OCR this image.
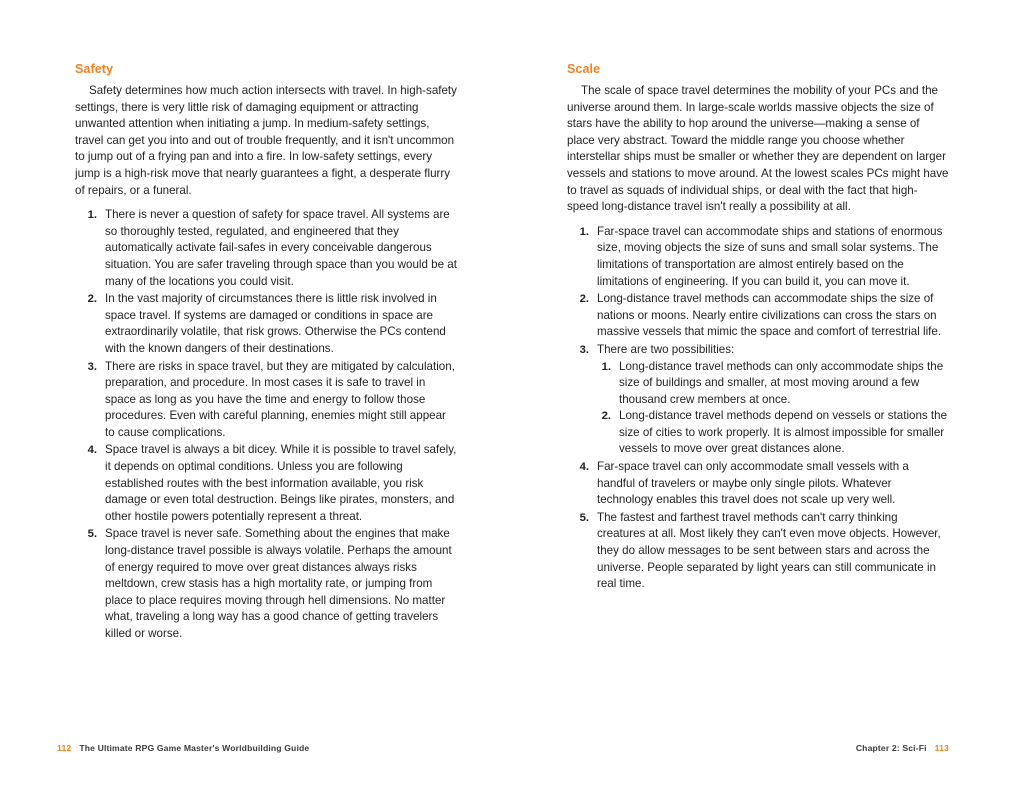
Safety

Safety determines how much action intersects with travel. In high-safety settings, there is very little risk of damaging equipment or attracting unwanted attention when initiating a jump. In medium-safety settings, travel can get you into and out of trouble frequently, and it isn't uncommon to jump out of a frying pan and into a fire. In low-safety settings, every jump is a high-risk move that nearly guarantees a fight, a desperate flurry of repairs, or a funeral.

1. There is never a question of safety for space travel. All systems are so thoroughly tested, regulated, and engineered that they automatically activate fail-safes in every conceivable dangerous situation. You are safer traveling through space than you would be at many of the locations you could visit.
2. In the vast majority of circumstances there is little risk involved in space travel. If systems are damaged or conditions in space are extraordinarily volatile, that risk grows. Otherwise the PCs contend with the known dangers of their destinations.
3. There are risks in space travel, but they are mitigated by calculation, preparation, and procedure. In most cases it is safe to travel in space as long as you have the time and energy to follow those procedures. Even with careful planning, enemies might still appear to cause complications.
4. Space travel is always a bit dicey. While it is possible to travel safely, it depends on optimal conditions. Unless you are following established routes with the best information available, you risk damage or even total destruction. Beings like pirates, monsters, and other hostile powers potentially represent a threat.
5. Space travel is never safe. Something about the engines that make long-distance travel possible is always volatile. Perhaps the amount of energy required to move over great distances always risks meltdown, crew stasis has a high mortality rate, or jumping from place to place requires moving through hell dimensions. No matter what, traveling a long way has a good chance of getting travelers killed or worse.
112 The Ultimate RPG Game Master's Worldbuilding Guide
Scale

The scale of space travel determines the mobility of your PCs and the universe around them. In large-scale worlds massive objects the size of stars have the ability to hop around the universe—making a sense of place very abstract. Toward the middle range you choose whether interstellar ships must be smaller or whether they are dependent on larger vessels and stations to move around. At the lowest scales PCs might have to travel as squads of individual ships, or deal with the fact that high-speed long-distance travel isn't really a possibility at all.

1. Far-space travel can accommodate ships and stations of enormous size, moving objects the size of suns and small solar systems. The limitations of transportation are almost entirely based on the limitations of engineering. If you can build it, you can move it.
2. Long-distance travel methods can accommodate ships the size of nations or moons. Nearly entire civilizations can cross the stars on massive vessels that mimic the space and comfort of terrestrial life.
3. There are two possibilities:
1. Long-distance travel methods can only accommodate ships the size of buildings and smaller, at most moving around a few thousand crew members at once.
2. Long-distance travel methods depend on vessels or stations the size of cities to work properly. It is almost impossible for smaller vessels to move over great distances alone.
4. Far-space travel can only accommodate small vessels with a handful of travelers or maybe only single pilots. Whatever technology enables this travel does not scale up very well.
5. The fastest and farthest travel methods can't carry thinking creatures at all. Most likely they can't even move objects. However, they do allow messages to be sent between stars and across the universe. People separated by light years can still communicate in real time.
Chapter 2: Sci-Fi 113
